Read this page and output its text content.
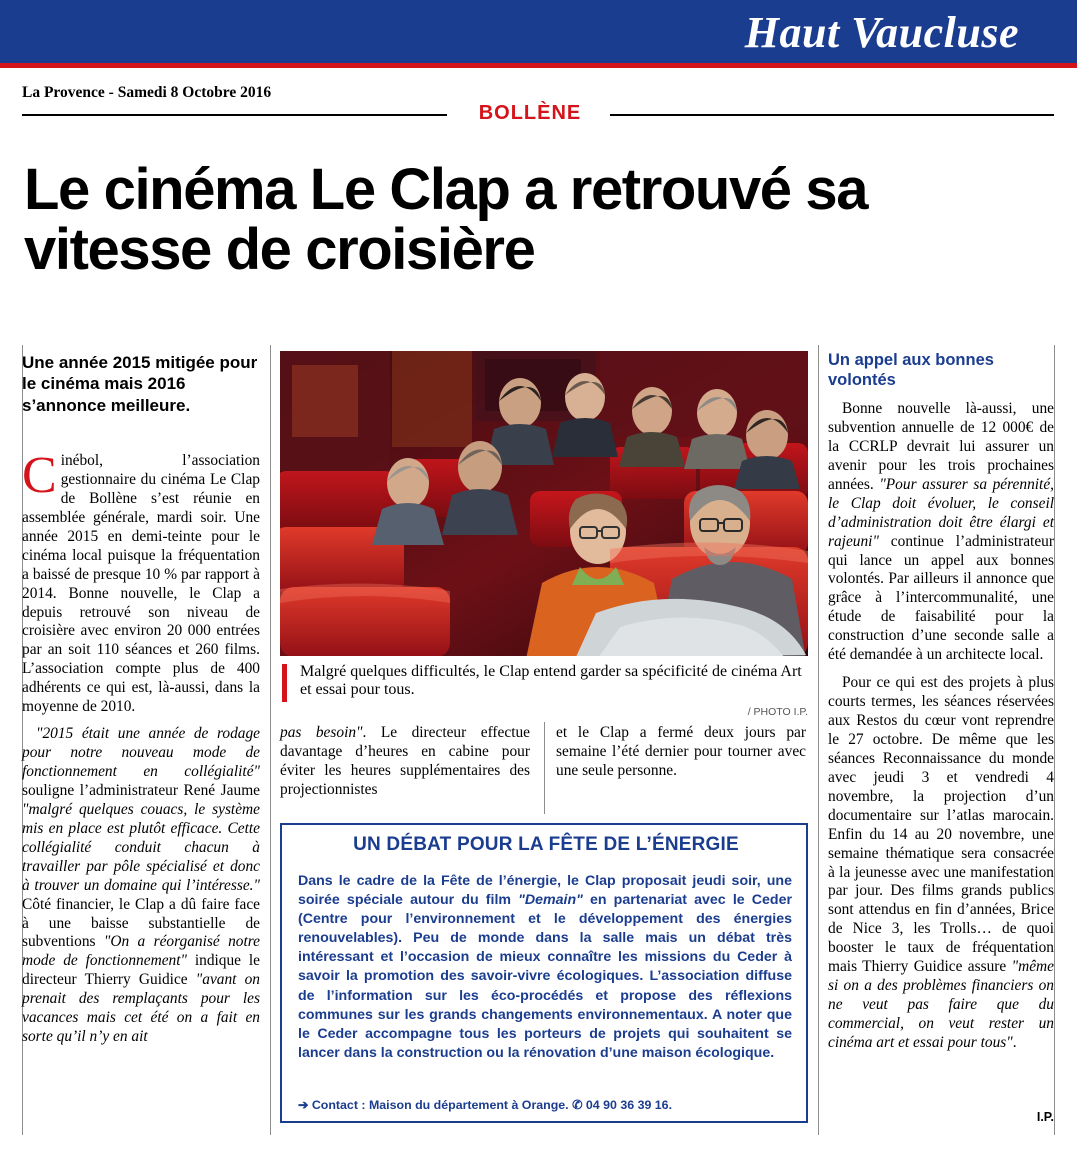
Haut Vaucluse
La Provence - Samedi 8 Octobre 2016
BOLLÈNE
Le cinéma Le Clap a retrouvé sa vitesse de croisière
Une année 2015 mitigée pour le cinéma mais 2016 s’annonce meilleure.

Cinébol, l’association gestionnaire du cinéma Le Clap de Bollène s’est réunie en assemblée générale, mardi soir. Une année 2015 en demi-teinte pour le cinéma local puisque la fréquentation a baissé de presque 10 % par rapport à 2014. Bonne nouvelle, le Clap a depuis retrouvé son niveau de croisière avec environ 20 000 entrées par an soit 110 séances et 260 films. L’association compte plus de 400 adhérents ce qui est, là-aussi, dans la moyenne de 2010.

"2015 était une année de rodage pour notre nouveau mode de fonctionnement en collégialité" souligne l’administrateur René Jaume "malgré quelques couacs, le système mis en place est plutôt efficace. Cette collégialité conduit chacun à travailler par pôle spécialisé et donc à trouver un domaine qui l’intéresse." Côté financier, le Clap a dû faire face à une baisse substantielle de subventions "On a réorganisé notre mode de fonctionnement" indique le directeur Thierry Guidice "avant on prenait des remplaçants pour les vacances mais cet été on a fait en sorte qu’il n’y en ait

pas besoin". Le directeur effectue davantage d’heures en cabine pour éviter les heures supplémentaires des projectionnistes

et le Clap a fermé deux jours par semaine l’été dernier pour tourner avec une seule personne.

Malgré quelques difficultés, le Clap entend garder sa spécificité de cinéma Art et essai pour tous.
/ PHOTO I.P.
UN DÉBAT POUR LA FÊTE DE L’ÉNERGIE
Dans le cadre de la Fête de l’énergie, le Clap proposait jeudi soir, une soirée spéciale autour du film "Demain" en partenariat avec le Ceder (Centre pour l’environnement et le développement des énergies renouvelables). Peu de monde dans la salle mais un débat très intéressant et l’occasion de mieux connaître les missions du Ceder à savoir la promotion des savoir-vivre écologiques. L’association diffuse de l’information sur les éco-procédés et propose des réflexions communes sur les grands changements environnementaux. A noter que le Ceder accompagne tous les porteurs de projets qui souhaitent se lancer dans la construction ou la rénovation d’une maison écologique.
➔ Contact : Maison du département à Orange. ✆ 04 90 36 39 16.
Un appel aux bonnes volontés

Bonne nouvelle là-aussi, une subvention annuelle de 12 000€ de la CCRLP devrait lui assurer un avenir pour les trois prochaines années. "Pour assurer sa pérennité, le Clap doit évoluer, le conseil d’administration doit être élargi et rajeuni" continue l’administrateur qui lance un appel aux bonnes volontés. Par ailleurs il annonce que grâce à l’intercommunalité, une étude de faisabilité pour la construction d’une seconde salle a été demandée à un architecte local.

Pour ce qui est des projets à plus courts termes, les séances réservées aux Restos du cœur vont reprendre le 27 octobre. De même que les séances Reconnaissance du monde avec jeudi 3 et vendredi 4 novembre, la projection d’un documentaire sur l’atlas marocain. Enfin du 14 au 20 novembre, une semaine thématique sera consacrée à la jeunesse avec une manifestation par jour. Des films grands publics sont attendus en fin d’années, Brice de Nice 3, les Trolls… de quoi booster le taux de fréquentation mais Thierry Guidice assure "même si on a des problèmes financiers on ne veut pas faire que du commercial, on veut rester un cinéma art et essai pour tous".

I.P.
